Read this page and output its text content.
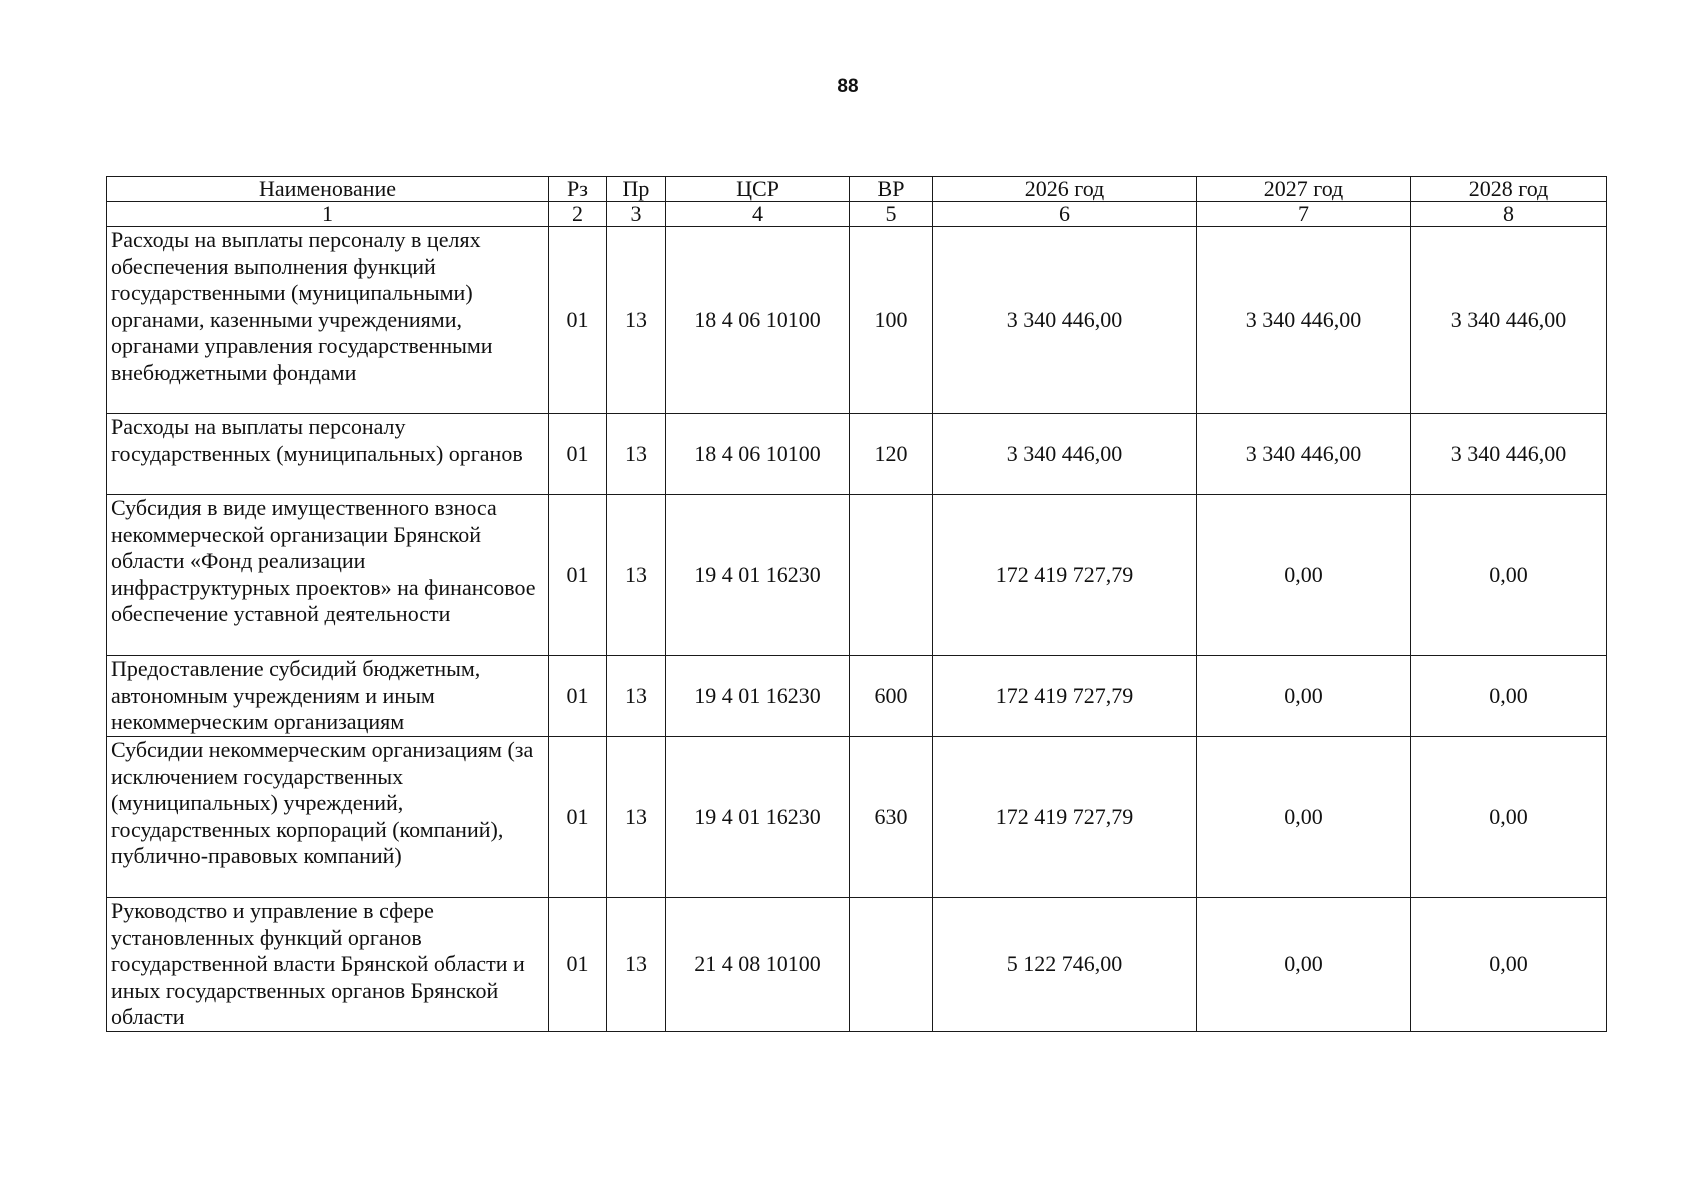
88
Наименование	Рз	Пр	ЦСР	ВР	2026 год	2027 год	2028 год
1	2	3	4	5	6	7	8
Расходы на выплаты персоналу в целях обеспечения выполнения функций государственными (муниципальными) органами, казенными учреждениями, органами управления государственными внебюджетными фондами	01	13	18 4 06 10100	100	3 340 446,00	3 340 446,00	3 340 446,00
Расходы на выплаты персоналу государственных (муниципальных) органов	01	13	18 4 06 10100	120	3 340 446,00	3 340 446,00	3 340 446,00
Субсидия в виде имущественного взноса некоммерческой организации Брянской области «Фонд реализации инфраструктурных проектов» на финансовое обеспечение уставной деятельности	01	13	19 4 01 16230		172 419 727,79	0,00	0,00
Предоставление субсидий бюджетным, автономным учреждениям и иным некоммерческим организациям	01	13	19 4 01 16230	600	172 419 727,79	0,00	0,00
Субсидии некоммерческим организациям (за исключением государственных (муниципальных) учреждений, государственных корпораций (компаний), публично-правовых компаний)	01	13	19 4 01 16230	630	172 419 727,79	0,00	0,00
Руководство и управление в сфере установленных функций органов государственной власти Брянской области и иных государственных органов Брянской области	01	13	21 4 08 10100		5 122 746,00	0,00	0,00
